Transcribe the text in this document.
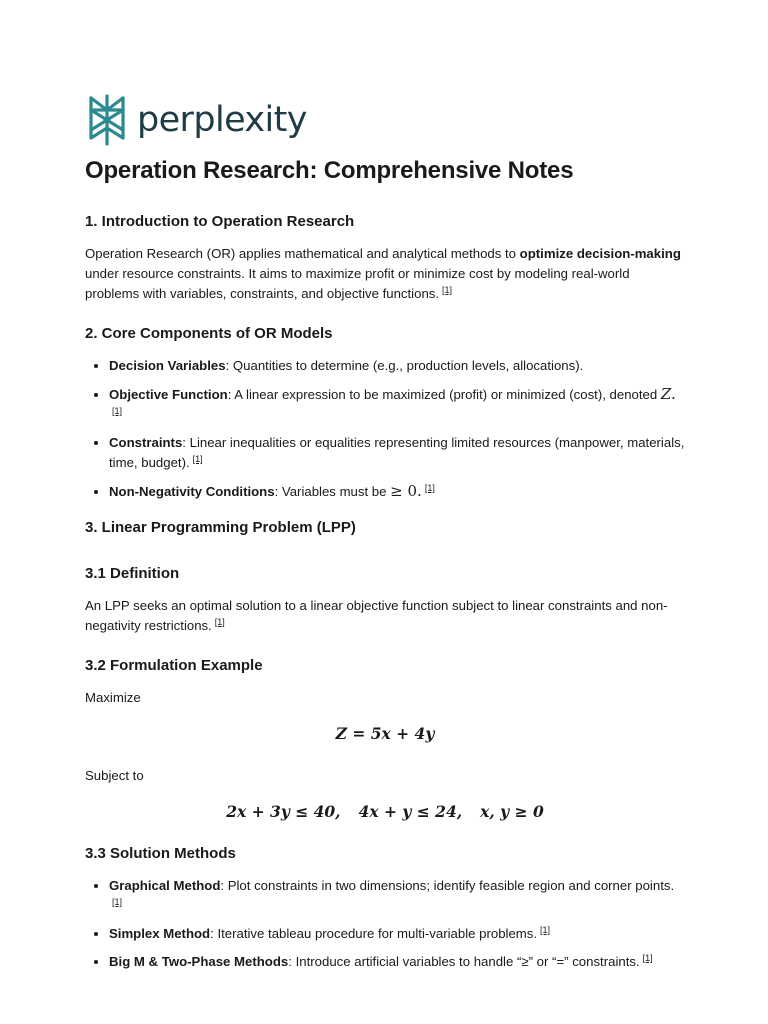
perplexity
Operation Research: Comprehensive Notes
1. Introduction to Operation Research

Operation Research (OR) applies mathematical and analytical methods to optimize decision-making under resource constraints. It aims to maximize profit or minimize cost by modeling real-world problems with variables, constraints, and objective functions. [1]

2. Core Components of OR Models
• Decision Variables: Quantities to determine (e.g., production levels, allocations).
• Objective Function: A linear expression to be maximized (profit) or minimized (cost), denoted Z.[1]
• Constraints: Linear inequalities or equalities representing limited resources (manpower, materials, time, budget). [1]
• Non-Negativity Conditions: Variables must be ≥ 0. [1]
3. Linear Programming Problem (LPP)
3.1 Definition

An LPP seeks an optimal solution to a linear objective function subject to linear constraints and non-negativity restrictions. [1]

3.2 Formulation Example

Maximize

Z = 5x + 4y

Subject to

2x + 3y ≤ 40, 4x + y ≤ 24, x, y ≥ 0
3.3 Solution Methods
• Graphical Method: Plot constraints in two dimensions; identify feasible region and corner points.[1]
• Simplex Method: Iterative tableau procedure for multi-variable problems. [1]
• Big M & Two-Phase Methods: Introduce artificial variables to handle “≥” or “=” constraints. [1]
